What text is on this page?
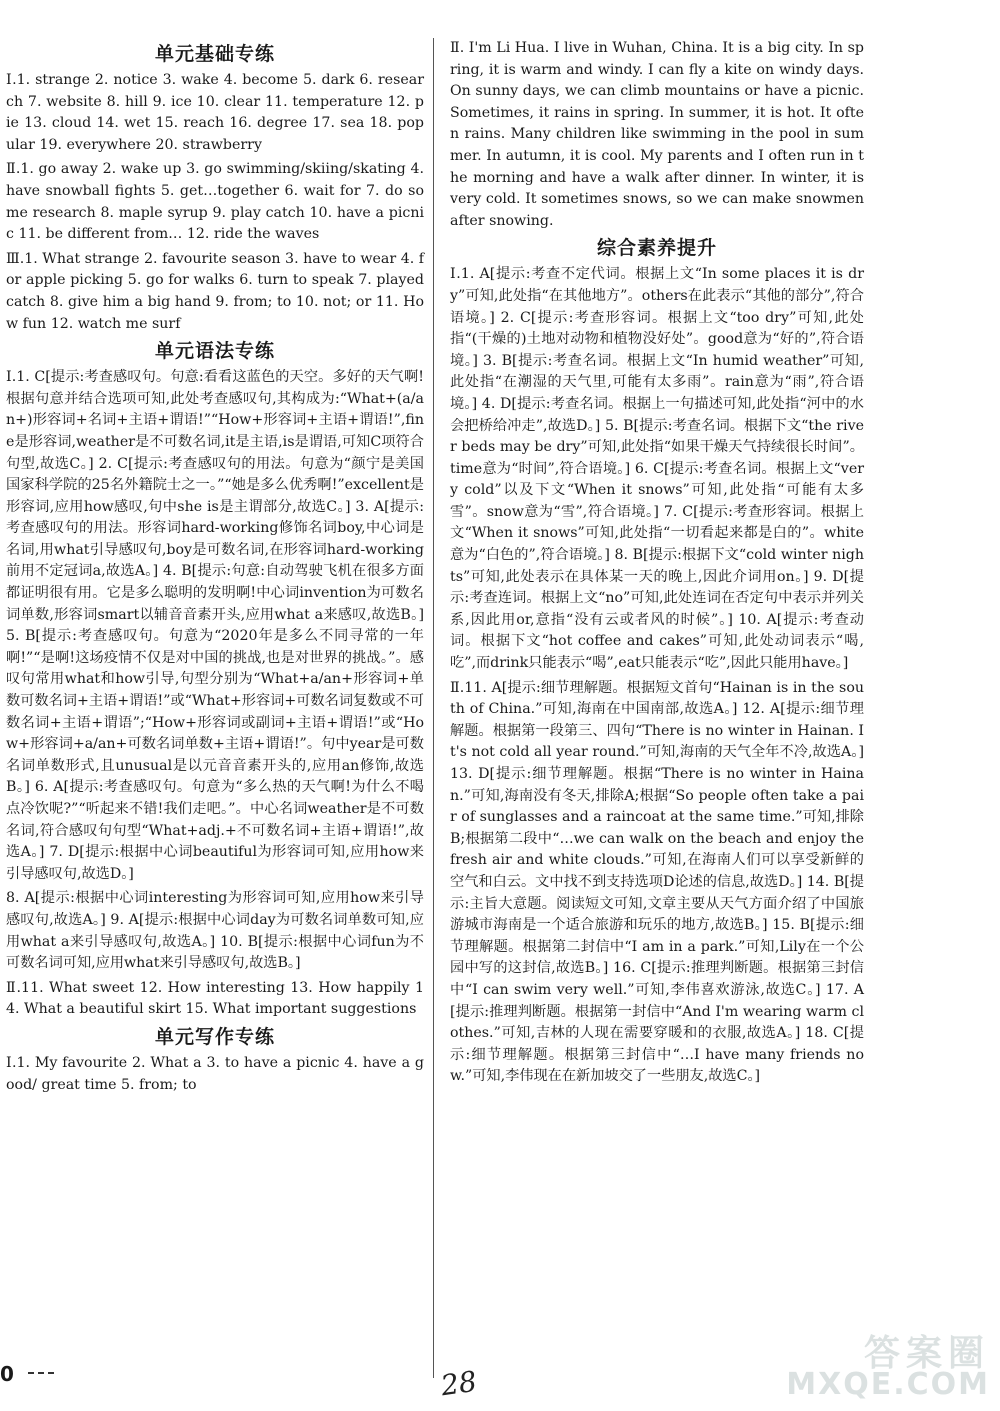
单元基础专练

Ⅰ.1. strange 2. notice 3. wake 4. become 5. dark 6. research 7. website 8. hill 9. ice 10. clear 11. temperature 12. pie 13. cloud 14. wet 15. reach 16. degree 17. sea 18. popular 19. everywhere 20. strawberry

Ⅱ.1. go away 2. wake up 3. go swimming/skiing/skating 4. have snowball fights 5. get…together 6. wait for 7. do some research 8. maple syrup 9. play catch 10. have a picnic 11. be different from… 12. ride the waves

Ⅲ.1. What strange 2. favourite season 3. have to wear 4. for apple picking 5. go for walks 6. turn to speak 7. played catch 8. give him a big hand 9. from; to 10. not; or 11. How fun 12. watch me surf

单元语法专练

Ⅰ.1. C[提示:考查感叹句。句意:看看这蓝色的天空。多好的天气啊!根据句意并结合选项可知,此处考查感叹句,其构成为:“What+(a/an+)形容词+名词+主语+谓语!”“How+形容词+主语+谓语!”,fine是形容词,weather是不可数名词,it是主语,is是谓语,可知C项符合句型,故选C。] 2. C[提示:考查感叹句的用法。句意为“颜宁是美国国家科学院的25名外籍院士之一。”“她是多么优秀啊!”excellent是形容词,应用how感叹,句中she is是主谓部分,故选C。] 3. A[提示:考查感叹句的用法。形容词hard-working修饰名词boy,中心词是名词,用what引导感叹句,boy是可数名词,在形容词hard-working前用不定冠词a,故选A。] 4. B[提示:句意:自动驾驶飞机在很多方面都证明很有用。它是多么聪明的发明啊!中心词invention为可数名词单数,形容词smart以辅音音素开头,应用what a来感叹,故选B。] 5. B[提示:考查感叹句。句意为“2020年是多么不同寻常的一年啊!”“是啊!这场疫情不仅是对中国的挑战,也是对世界的挑战。”。感叹句常用what和how引导,句型分别为“What+a/an+形容词+单数可数名词+主语+谓语!”或“What+形容词+可数名词复数或不可数名词+主语+谓语”;“How+形容词或副词+主语+谓语!”或“How+形容词+a/an+可数名词单数+主语+谓语!”。句中year是可数名词单数形式,且unusual是以元音音素开头的,应用an修饰,故选B。] 6. A[提示:考查感叹句。句意为“多么热的天气啊!为什么不喝点冷饮呢?”“听起来不错!我们走吧。”。中心名词weather是不可数名词,符合感叹句句型“What+adj.+不可数名词+主语+谓语!”,故选A。] 7. D[提示:根据中心词beautiful为形容词可知,应用how来引导感叹句,故选D。]

8. A[提示:根据中心词interesting为形容词可知,应用how来引导感叹句,故选A。] 9. A[提示:根据中心词day为可数名词单数可知,应用what a来引导感叹句,故选A。] 10. B[提示:根据中心词fun为不可数名词可知,应用what来引导感叹句,故选B。]

Ⅱ.11. What sweet 12. How interesting 13. How happily 14. What a beautiful skirt 15. What important suggestions

单元写作专练

Ⅰ.1. My favourite 2. What a 3. to have a picnic 4. have a good/ great time 5. from; to

Ⅱ. I'm Li Hua. I live in Wuhan, China. It is a big city. In spring, it is warm and windy. I can fly a kite on windy days. On sunny days, we can climb mountains or have a picnic. Sometimes, it rains in spring. In summer, it is hot. It often rains. Many children like swimming in the pool in summer. In autumn, it is cool. My parents and I often run in the morning and have a walk after dinner. In winter, it is very cold. It sometimes snows, so we can make snowmen after snowing.

综合素养提升

Ⅰ.1. A[提示:考查不定代词。根据上文“In some places it is dry”可知,此处指“在其他地方”。others在此表示“其他的部分”,符合语境。] 2. C[提示:考查形容词。根据上文“too dry”可知,此处指“(干燥的)土地对动物和植物没好处”。good意为“好的”,符合语境。] 3. B[提示:考查名词。根据上文“In humid weather”可知,此处指“在潮湿的天气里,可能有太多雨”。rain意为“雨”,符合语境。] 4. D[提示:考查名词。根据上一句描述可知,此处指“河中的水会把桥给冲走”,故选D。] 5. B[提示:考查名词。根据下文“the river beds may be dry”可知,此处指“如果干燥天气持续很长时间”。time意为“时间”,符合语境。] 6. C[提示:考查名词。根据上文“very cold”以及下文“When it snows”可知,此处指“可能有太多雪”。snow意为“雪”,符合语境。] 7. C[提示:考查形容词。根据上文“When it snows”可知,此处指“一切看起来都是白的”。white意为“白色的”,符合语境。] 8. B[提示:根据下文“cold winter nights”可知,此处表示在具体某一天的晚上,因此介词用on。] 9. D[提示:考查连词。根据上文“no”可知,此处连词在否定句中表示并列关系,因此用or,意指“没有云或者风的时候”。] 10. A[提示:考查动词。根据下文“hot coffee and cakes”可知,此处动词表示“喝,吃”,而drink只能表示“喝”,eat只能表示“吃”,因此只能用have。]

Ⅱ.11. A[提示:细节理解题。根据短文首句“Hainan is in the south of China.”可知,海南在中国南部,故选A。] 12. A[提示:细节理解题。根据第一段第三、四句“There is no winter in Hainan. It's not cold all year round.”可知,海南的天气全年不冷,故选A。] 13. D[提示:细节理解题。根据“There is no winter in Hainan.”可知,海南没有冬天,排除A;根据“So people often take a pair of sunglasses and a raincoat at the same time.”可知,排除B;根据第二段中“…we can walk on the beach and enjoy the fresh air and white clouds.”可知,在海南人们可以享受新鲜的空气和白云。文中找不到支持选项D论述的信息,故选D。] 14. B[提示:主旨大意题。阅读短文可知,文章主要从天气方面介绍了中国旅游城市海南是一个适合旅游和玩乐的地方,故选B。] 15. B[提示:细节理解题。根据第二封信中“I am in a park.”可知,Lily在一个公园中写的这封信,故选B。] 16. C[提示:推理判断题。根据第三封信中“I can swim very well.”可知,李伟喜欢游泳,故选C。] 17. A[提示:推理判断题。根据第一封信中“And I'm wearing warm clothes.”可知,吉林的人现在需要穿暖和的衣服,故选A。] 18. C[提示:细节理解题。根据第三封信中“…I have many friends now.”可知,李伟现在在新加坡交了一些朋友,故选C。]

0	28
答案圈
MXQE.COM
